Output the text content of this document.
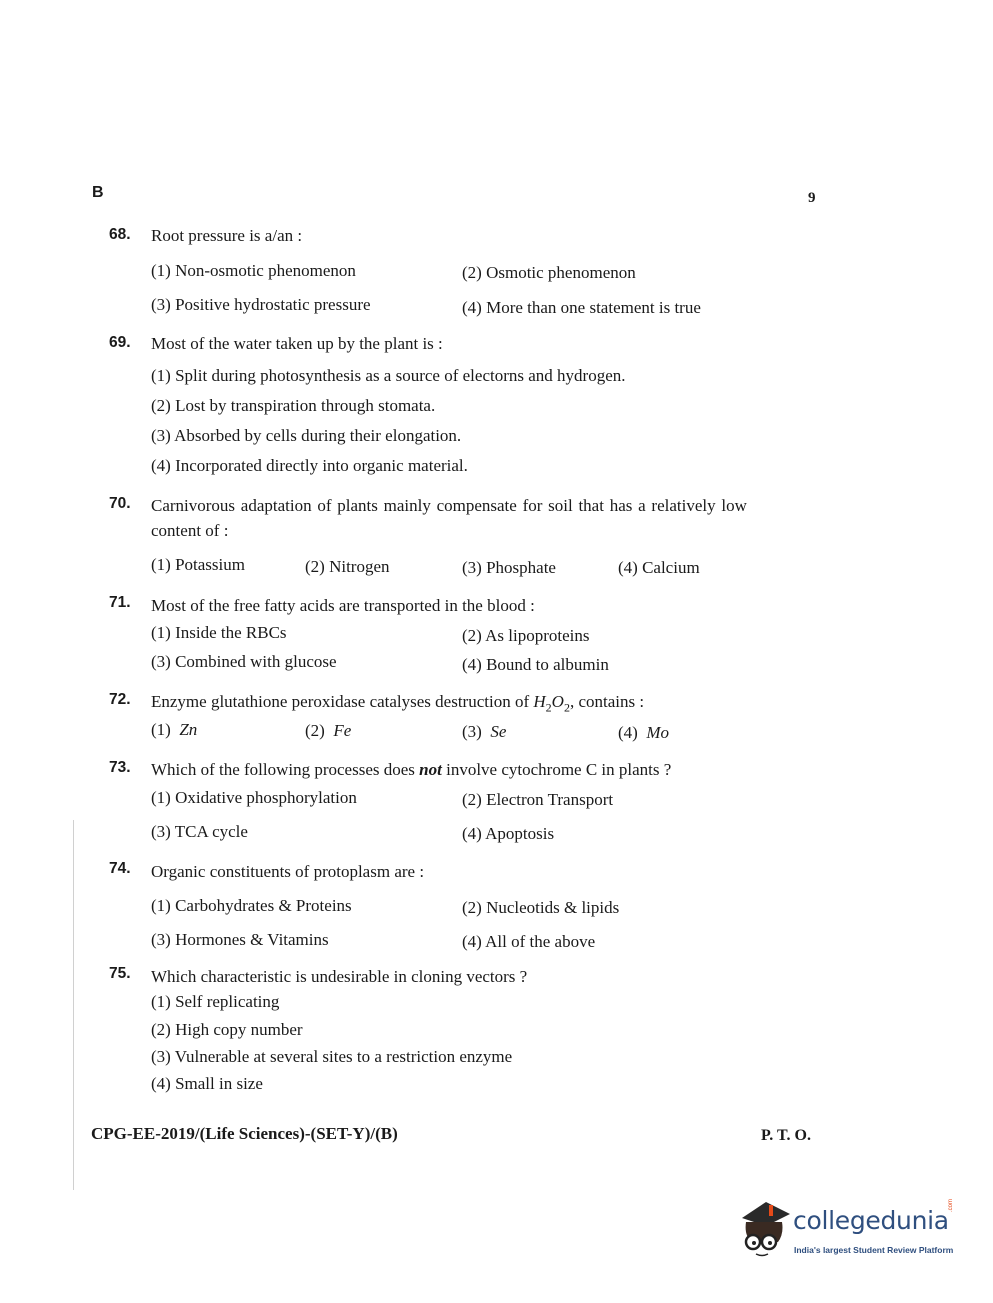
B	9
68. Root pressure is a/an :
(1) Non-osmotic phenomenon	(2) Osmotic phenomenon
(3) Positive hydrostatic pressure	(4) More than one statement is true
69. Most of the water taken up by the plant is :
(1) Split during photosynthesis as a source of electorns and hydrogen.
(2) Lost by transpiration through stomata.
(3) Absorbed by cells during their elongation.
(4) Incorporated directly into organic material.
70. Carnivorous adaptation of plants mainly compensate for soil that has a relatively low
content of :
(1) Potassium	(2) Nitrogen	(3) Phosphate	(4) Calcium
71. Most of the free fatty acids are transported in the blood :
(1) Inside the RBCs	(2) As lipoproteins
(3) Combined with glucose	(4) Bound to albumin
72. Enzyme glutathione peroxidase catalyses destruction of $H_2O_2$, contains :
(1) Zn	(2) Fe	(3) Se	(4) Mo
73. Which of the following processes does not involve cytochrome C in plants ?
(1) Oxidative phosphorylation	(2) Electron Transport
(3) TCA cycle	(4) Apoptosis
74. Organic constituents of protoplasm are :
(1) Carbohydrates & Proteins	(2) Nucleotids & lipids
(3) Hormones & Vitamins	(4) All of the above
75. Which characteristic is undesirable in cloning vectors ?
(1) Self replicating
(2) High copy number
(3) Vulnerable at several sites to a restriction enzyme
(4) Small in size
CPG-EE-2019/(Life Sciences)-(SET-Y)/(B)	P. T. O.
collegedunia
.com
India's largest Student Review Platform
